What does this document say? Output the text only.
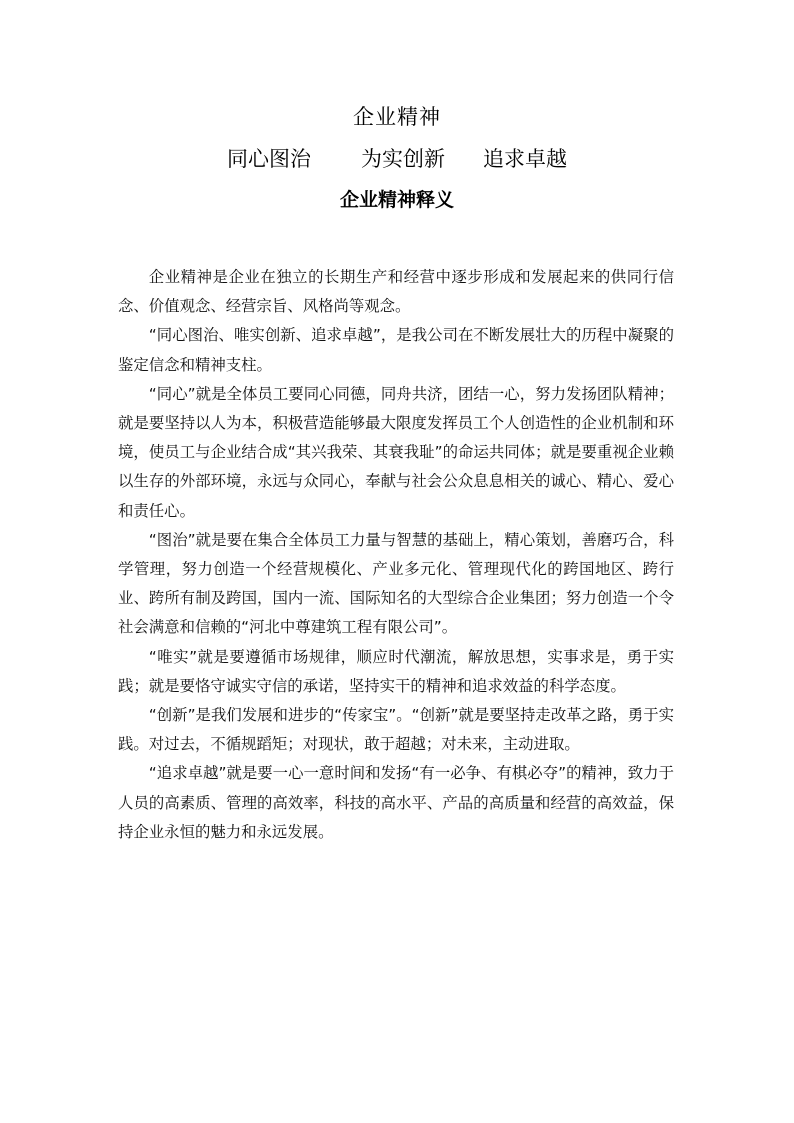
企业精神
同心图治 为实创新 追求卓越
企业精神释义

企业精神是企业在独立的长期生产和经营中逐步形成和发展起来的供同行信念、价值观念、经营宗旨、风格尚等观念。

“同心图治、唯实创新、追求卓越”，是我公司在不断发展壮大的历程中凝聚的鉴定信念和精神支柱。

“同心”就是全体员工要同心同德，同舟共济，团结一心，努力发扬团队精神；就是要坚持以人为本，积极营造能够最大限度发挥员工个人创造性的企业机制和环境，使员工与企业结合成“其兴我荣、其衰我耻”的命运共同体；就是要重视企业赖以生存的外部环境，永远与众同心，奉献与社会公众息息相关的诚心、精心、爱心和责任心。

“图治”就是要在集合全体员工力量与智慧的基础上，精心策划，善磨巧合，科学管理，努力创造一个经营规模化、产业多元化、管理现代化的跨国地区、跨行业、跨所有制及跨国，国内一流、国际知名的大型综合企业集团；努力创造一个令社会满意和信赖的“河北中尊建筑工程有限公司”。

“唯实”就是要遵循市场规律，顺应时代潮流，解放思想，实事求是，勇于实践；就是要恪守诚实守信的承诺，坚持实干的精神和追求效益的科学态度。

“创新”是我们发展和进步的“传家宝”。“创新”就是要坚持走改革之路，勇于实践。对过去，不循规蹈矩；对现状，敢于超越；对未来，主动进取。

“追求卓越”就是要一心一意时间和发扬“有一必争、有棋必夺”的精神，致力于人员的高素质、管理的高效率，科技的高水平、产品的高质量和经营的高效益，保持企业永恒的魅力和永远发展。
